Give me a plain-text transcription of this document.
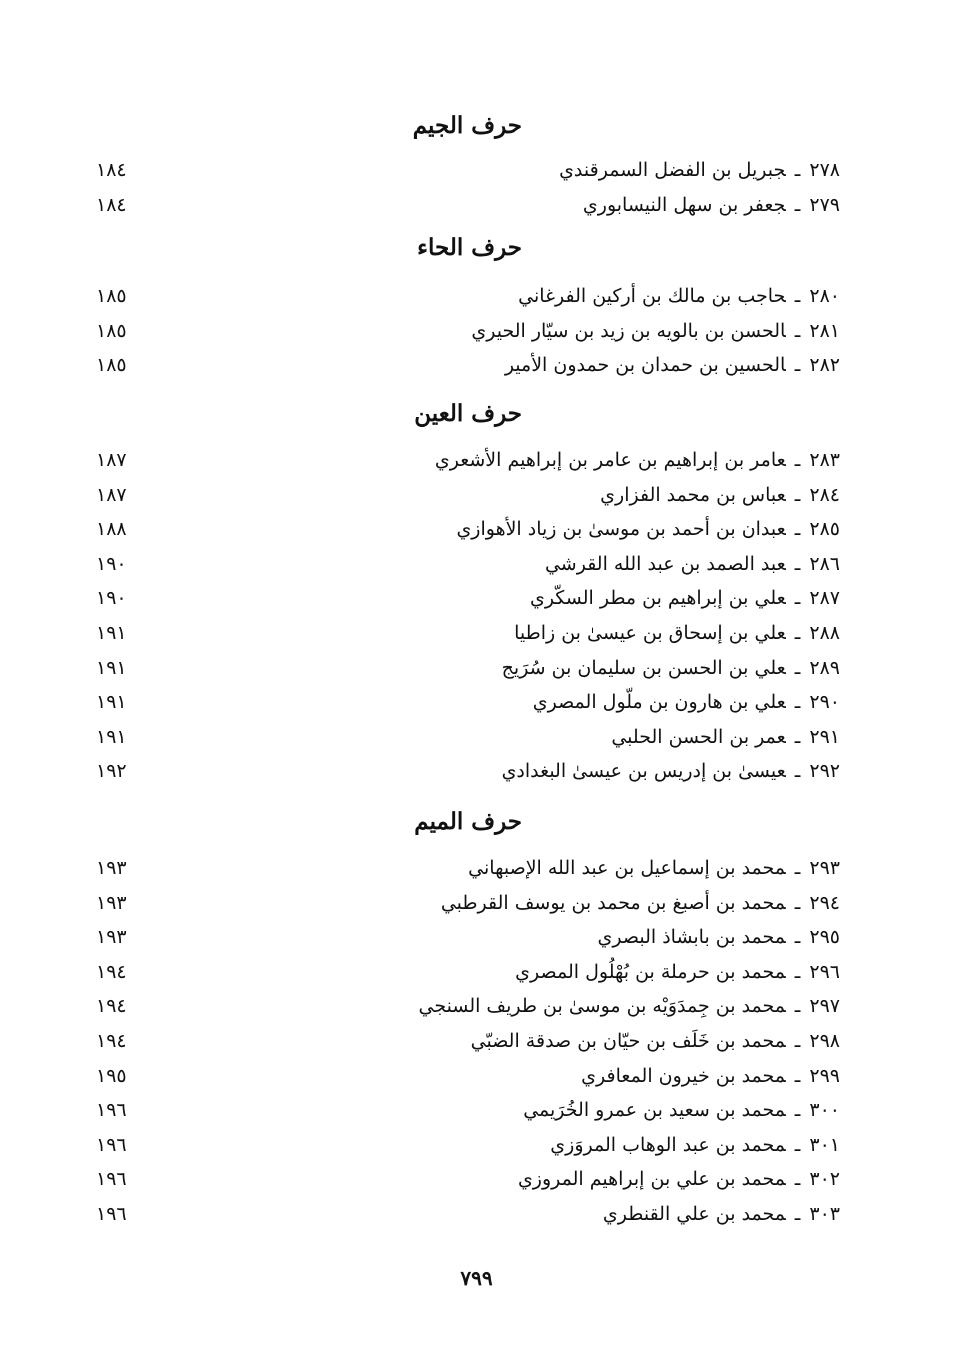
حرف الجيم
٢٧٨ـجبريل بن الفضل السمرقندي
١٨٤
٢٧٩ـجعفر بن سهل النيسابوري
١٨٤
حرف الحاء
٢٨٠ـحاجب بن مالك بن أركين الفرغاني
١٨٥
٢٨١ـالحسن بن بالويه بن زيد بن سيّار الحيري
١٨٥
٢٨٢ـالحسين بن حمدان بن حمدون الأمير
١٨٥
حرف العين
٢٨٣ـعامر بن إبراهيم بن عامر بن إبراهيم الأشعري
١٨٧
٢٨٤ـعباس بن محمد الفزاري
١٨٧
٢٨٥ـعبدان بن أحمد بن موسىٰ بن زياد الأهوازي
١٨٨
٢٨٦ـعبد الصمد بن عبد الله القرشي
١٩٠
٢٨٧ـعلي بن إبراهيم بن مطر السكّري
١٩٠
٢٨٨ـعلي بن إسحاق بن عيسىٰ بن زاطيا
١٩١
٢٨٩ـعلي بن الحسن بن سليمان بن سُرَيج
١٩١
٢٩٠ـعلي بن هارون بن ملّول المصري
١٩١
٢٩١ـعمر بن الحسن الحلبي
١٩١
٢٩٢ـعيسىٰ بن إدريس بن عيسىٰ البغدادي
١٩٢
حرف الميم
٢٩٣ـمحمد بن إسماعيل بن عبد الله الإصبهاني
١٩٣
٢٩٤ـمحمد بن أصبغ بن محمد بن يوسف القرطبي
١٩٣
٢٩٥ـمحمد بن بابشاذ البصري
١٩٣
٢٩٦ـمحمد بن حرملة بن بُهْلُول المصري
١٩٤
٢٩٧ـمحمد بن جِمدَوَيْه بن موسىٰ بن طريف السنجي
١٩٤
٢٩٨ـمحمد بن خَلَف بن حيّان بن صدقة الضبّي
١٩٤
٢٩٩ـمحمد بن خيرون المعافري
١٩٥
٣٠٠ـمحمد بن سعيد بن عمرو الخُرَيمي
١٩٦
٣٠١ـمحمد بن عبد الوهاب المروَزي
١٩٦
٣٠٢ـمحمد بن علي بن إبراهيم المروزي
١٩٦
٣٠٣ـمحمد بن علي القنطري
١٩٦
٧٩٩
